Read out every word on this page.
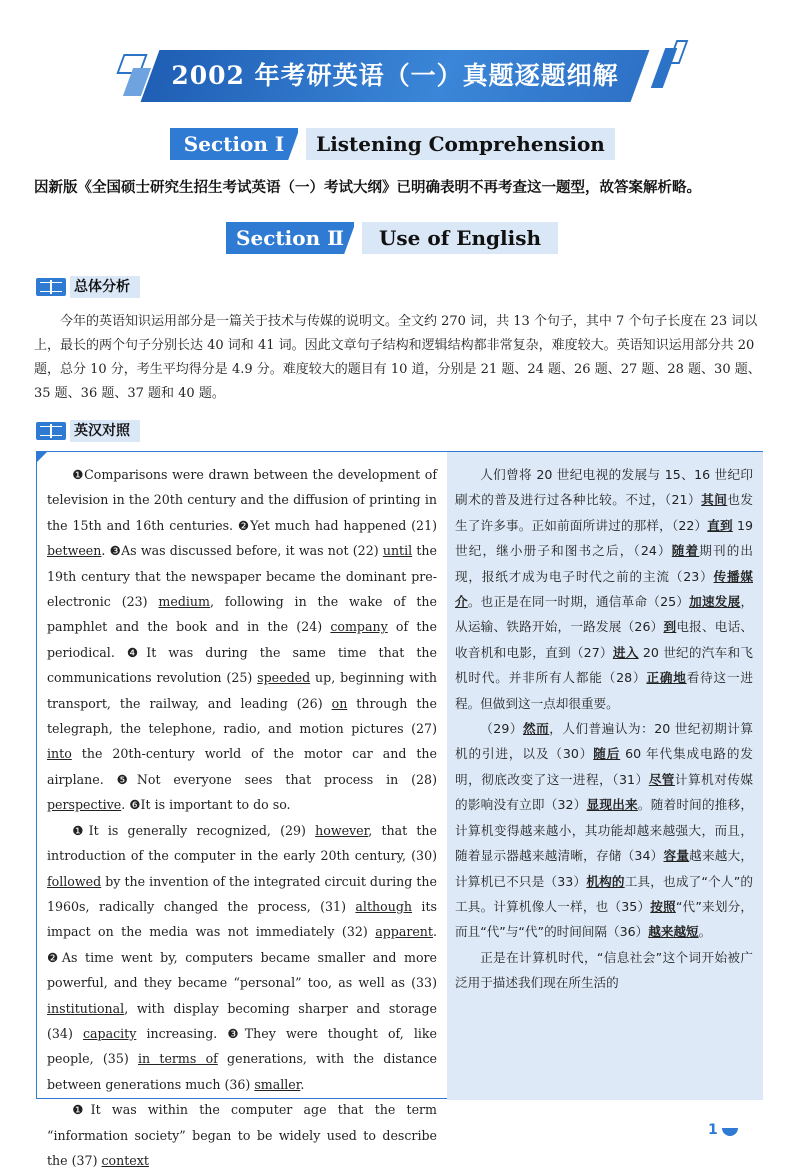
2002 年考研英语（一）真题逐题细解
Section Ⅰ	Listening Comprehension
因新版《全国硕士研究生招生考试英语（一）考试大纲》已明确表明不再考查这一题型，故答案解析略。
Section Ⅱ	Use of English
总体分析
今年的英语知识运用部分是一篇关于技术与传媒的说明文。全文约 270 词，共 13 个句子，其中 7 个句子长度在 23 词以上，最长的两个句子分别长达 40 词和 41 词。因此文章句子结构和逻辑结构都非常复杂，难度较大。英语知识运用部分共 20 题，总分 10 分，考生平均得分是 4.9 分。难度较大的题目有 10 道，分别是 21 题、24 题、26 题、27 题、28 题、30 题、35 题、36 题、37 题和 40 题。
英汉对照

❶Comparisons were drawn between the development of television in the 20th century and the diffusion of printing in the 15th and 16th centuries. ❷Yet much had happened (21) between. ❸As was discussed before, it was not (22) until the 19th century that the newspaper became the dominant pre-electronic (23) medium, following in the wake of the pamphlet and the book and in the (24) company of the periodical. ❹It was during the same time that the communications revolution (25) speeded up, beginning with transport, the railway, and leading (26) on through the telegraph, the telephone, radio, and motion pictures (27) into the 20th-century world of the motor car and the airplane. ❺Not everyone sees that process in (28) perspective. ❻It is important to do so.

❶It is generally recognized, (29) however, that the introduction of the computer in the early 20th century, (30) followed by the invention of the integrated circuit during the 1960s, radically changed the process, (31) although its impact on the media was not immediately (32) apparent. ❷As time went by, computers became smaller and more powerful, and they became “personal” too, as well as (33) institutional, with display becoming sharper and storage (34) capacity increasing. ❸They were thought of, like people, (35) in terms of generations, with the distance between generations much (36) smaller.

❶It was within the computer age that the term “information society” began to be widely used to describe the (37) context

人们曾将 20 世纪电视的发展与 15、16 世纪印刷术的普及进行过各种比较。不过，（21）其间也发生了许多事。正如前面所讲过的那样，（22）直到 19 世纪，继小册子和图书之后，（24）随着期刊的出现，报纸才成为电子时代之前的主流（23）传播媒介。也正是在同一时期，通信革命（25）加速发展，从运输、铁路开始，一路发展（26）到电报、电话、收音机和电影，直到（27）进入 20 世纪的汽车和飞机时代。并非所有人都能（28）正确地看待这一进程。但做到这一点却很重要。

（29）然而，人们普遍认为：20 世纪初期计算机的引进，以及（30）随后 60 年代集成电路的发明，彻底改变了这一进程，（31）尽管计算机对传媒的影响没有立即（32）显现出来。随着时间的推移，计算机变得越来越小，其功能却越来越强大，而且，随着显示器越来越清晰，存储（34）容量越来越大，计算机已不只是（33）机构的工具，也成了“个人”的工具。计算机像人一样，也（35）按照“代”来划分，而且“代”与“代”的时间间隔（36）越来越短。

正是在计算机时代，“信息社会”这个词开始被广泛用于描述我们现在所生活的

1
